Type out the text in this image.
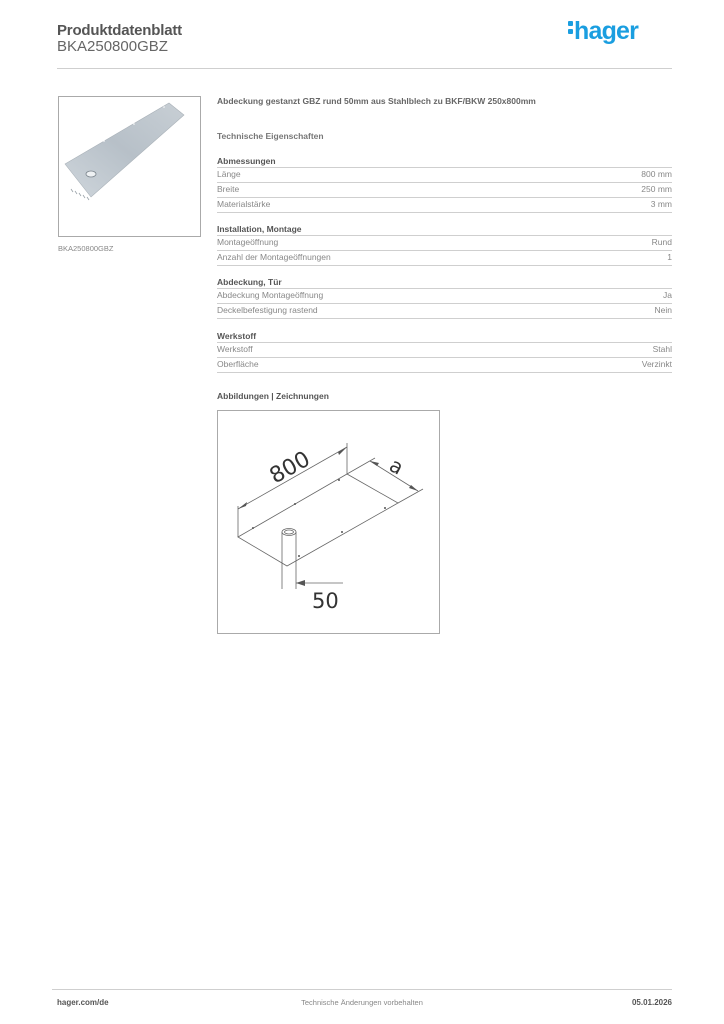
Produktdatenblatt
BKA250800GBZ
hager
BKA250800GBZ
Abdeckung gestanzt GBZ rund 50mm aus Stahlblech zu BKF/BKW 250x800mm
Technische Eigenschaften
Abmessungen
Länge	800 mm
Breite	250 mm
Materialstärke	3 mm
Installation, Montage
Montageöffnung	Rund
Anzahl der Montageöffnungen	1
Abdeckung, Tür
Abdeckung Montageöffnung	Ja
Deckelbefestigung rastend	Nein
Werkstoff
Werkstoff	Stahl
Oberfläche	Verzinkt
Abbildungen | Zeichnungen
800	a
50
hager.com/de	Technische Änderungen vorbehalten	05.01.2026
